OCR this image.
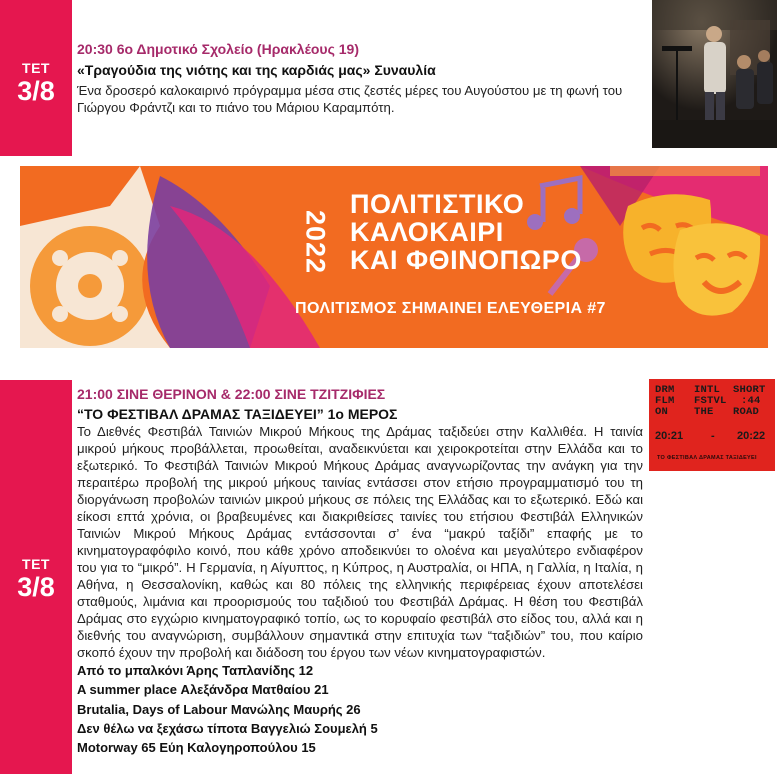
ΤΕΤ
3/8
20:30 6ο Δημοτικό Σχολείο (Ηρακλέους 19)
«Τραγούδια της νιότης και της καρδιάς μας» Συναυλία
Ένα δροσερό καλοκαιρινό πρόγραμμα μέσα στις ζεστές μέρες του Αυγούστου με τη φωνή του Γιώργου Φράντζι και το πιάνο του Μάριου Καραμπότη.
2022
ΠΟΛΙΤΙΣΤΙΚΟ
ΚΑΛΟΚΑΙΡΙ
ΚΑΙ ΦΘΙΝΟΠΩΡΟ
ΠΟΛΙΤΙΣΜΟΣ ΣΗΜΑΙΝΕΙ ΕΛΕΥΘΕΡΙΑ #7
ΤΕΤ
3/8
21:00 ΣΙΝΕ ΘΕΡΙΝΟΝ & 22:00 ΣΙΝΕ ΤΖΙΤΖΙΦΙΕΣ
“ΤΟ ΦΕΣΤΙΒΑΛ ΔΡΑΜΑΣ ΤΑΞΙΔΕΥΕΙ” 1ο ΜΕΡΟΣ
Το Διεθνές Φεστιβάλ Ταινιών Μικρού Μήκους της Δράμας ταξιδεύει στην Καλλιθέα. Η ταινία μικρού μήκους προβάλλεται, προωθείται, αναδεικνύεται και χειροκροτείται στην Ελλάδα και το εξωτερικό. Το Φεστιβάλ Ταινιών Μικρού Μήκους Δράμας αναγνωρίζοντας την ανάγκη για την περαιτέρω προβολή της μικρού μήκους ταινίας εντάσσει στον ετήσιο προγραμματισμό του τη διοργάνωση προβολών ταινιών μικρού μήκους σε πόλεις της Ελλάδας και το εξωτερικό. Εδώ και είκοσι επτά χρόνια, οι βραβευμένες και διακριθείσες ταινίες του ετήσιου Φεστιβάλ Ελληνικών Ταινιών Μικρού Μήκους Δράμας εντάσσονται σ’ ένα “μακρύ ταξίδι” επαφής με το κινηματογραφόφιλο κοινό, που κάθε χρόνο αποδεικνύει το ολοένα και μεγαλύτερο ενδιαφέρον του για το “μικρό”. Η Γερμανία, η Αίγυπτος, η Κύπρος, η Αυστραλία, οι ΗΠΑ, η Γαλλία, η Ιταλία, η Αθήνα, η Θεσσαλονίκη, καθώς και 80 πόλεις της ελληνικής περιφέρειας έχουν αποτελέσει σταθμούς, λιμάνια και προορισμούς του ταξιδιού του Φεστιβάλ Δράμας. Η θέση του Φεστιβάλ Δράμας στο εγχώριο κινηματογραφικό τοπίο, ως το κορυφαίο φεστιβάλ στο είδος του, αλλά και η διεθνής του αναγνώριση, συμβάλλουν σημαντικά στην επιτυχία των “ταξιδιών” του, που καίριο σκοπό έχουν την προβολή και διάδοση του έργου των νέων κινηματογραφιστών.
Από το μπαλκόνι Άρης Ταπλανίδης 12
A summer place Αλεξάνδρα Ματθαίου 21
Brutalia, Days of Labour Μανώλης Μαυρής 26
Δεν θέλω να ξεχάσω τίποτα Βαγγελιώ Σουμελή 5
Motorway 65 Εύη Καλογηροπούλου 15
DRM INTL SHORT
FLM FSTVL :44
ON THE ROAD
20:21	- 20:22
ΤΟ ΦΕΣΤΙΒΑΛ ΔΡΑΜΑΣ ΤΑΞΙΔΕΥΕΙ
